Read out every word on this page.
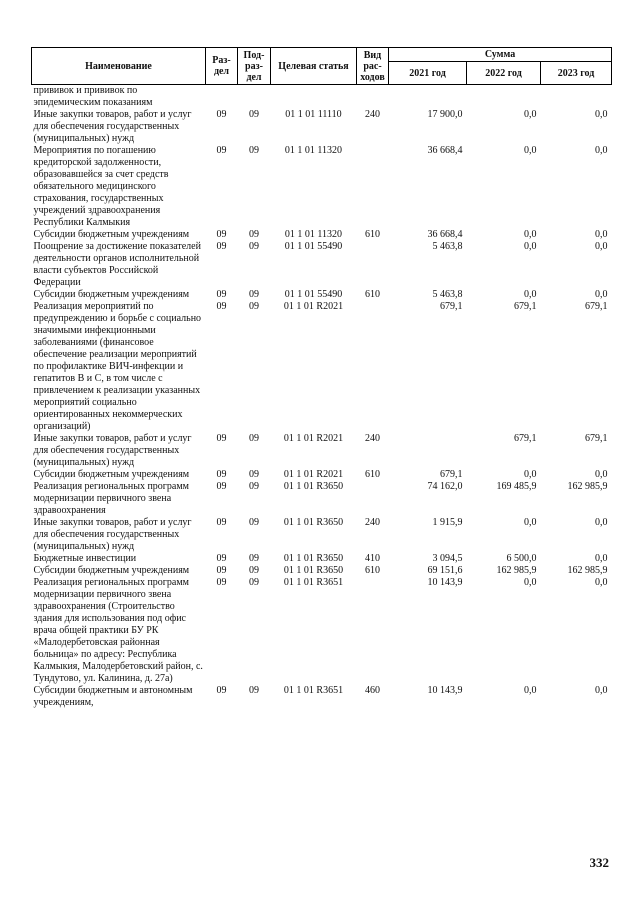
Наименование	Раз-дел	Под-раз-дел	Целевая статья	Вид рас-ходов	Сумма		
					2021 год	2022 год	2023 год
прививок и прививок по эпидемическим показаниям							
Иные закупки товаров, работ и услуг для обеспечения государственных (муниципальных) нужд	09	09	01 1 01 11110	240	17 900,0	0,0	0,0
Мероприятия по погашению кредиторской задолженности, образовавшейся за счет средств обязательного медицинского страхования, государственных учреждений здравоохранения Республики Калмыкия	09	09	01 1 01 11320		36 668,4	0,0	0,0
Субсидии бюджетным учреждениям	09	09	01 1 01 11320	610	36 668,4	0,0	0,0
Поощрение за достижение показателей деятельности органов исполнительной власти субъектов Российской Федерации	09	09	01 1 01 55490		5 463,8	0,0	0,0
Субсидии бюджетным учреждениям	09	09	01 1 01 55490	610	5 463,8	0,0	0,0
Реализация мероприятий по предупреждению и борьбе с социально значимыми инфекционными заболеваниями (финансовое обеспечение реализации мероприятий по профилактике ВИЧ-инфекции и гепатитов B и C, в том числе с привлечением к реализации указанных мероприятий социально ориентированных некоммерческих организаций)	09	09	01 1 01 R2021		679,1	679,1	679,1
Иные закупки товаров, работ и услуг для обеспечения государственных (муниципальных) нужд	09	09	01 1 01 R2021	240		679,1	679,1
Субсидии бюджетным учреждениям	09	09	01 1 01 R2021	610	679,1	0,0	0,0
Реализация региональных программ модернизации первичного звена здравоохранения	09	09	01 1 01 R3650		74 162,0	169 485,9	162 985,9
Иные закупки товаров, работ и услуг для обеспечения государственных (муниципальных) нужд	09	09	01 1 01 R3650	240	1 915,9	0,0	0,0
Бюджетные инвестиции	09	09	01 1 01 R3650	410	3 094,5	6 500,0	0,0
Субсидии бюджетным учреждениям	09	09	01 1 01 R3650	610	69 151,6	162 985,9	162 985,9
Реализация региональных программ модернизации первичного звена здравоохранения (Строительство здания для использования под офис врача общей практики БУ РК «Малодербетовская районная больница» по адресу: Республика Калмыкия, Малодербетовский район, с. Тундутово, ул. Калинина, д. 27а)	09	09	01 1 01 R3651		10 143,9	0,0	0,0
Субсидии бюджетным и автономным учреждениям,	09	09	01 1 01 R3651	460	10 143,9	0,0	0,0
332
